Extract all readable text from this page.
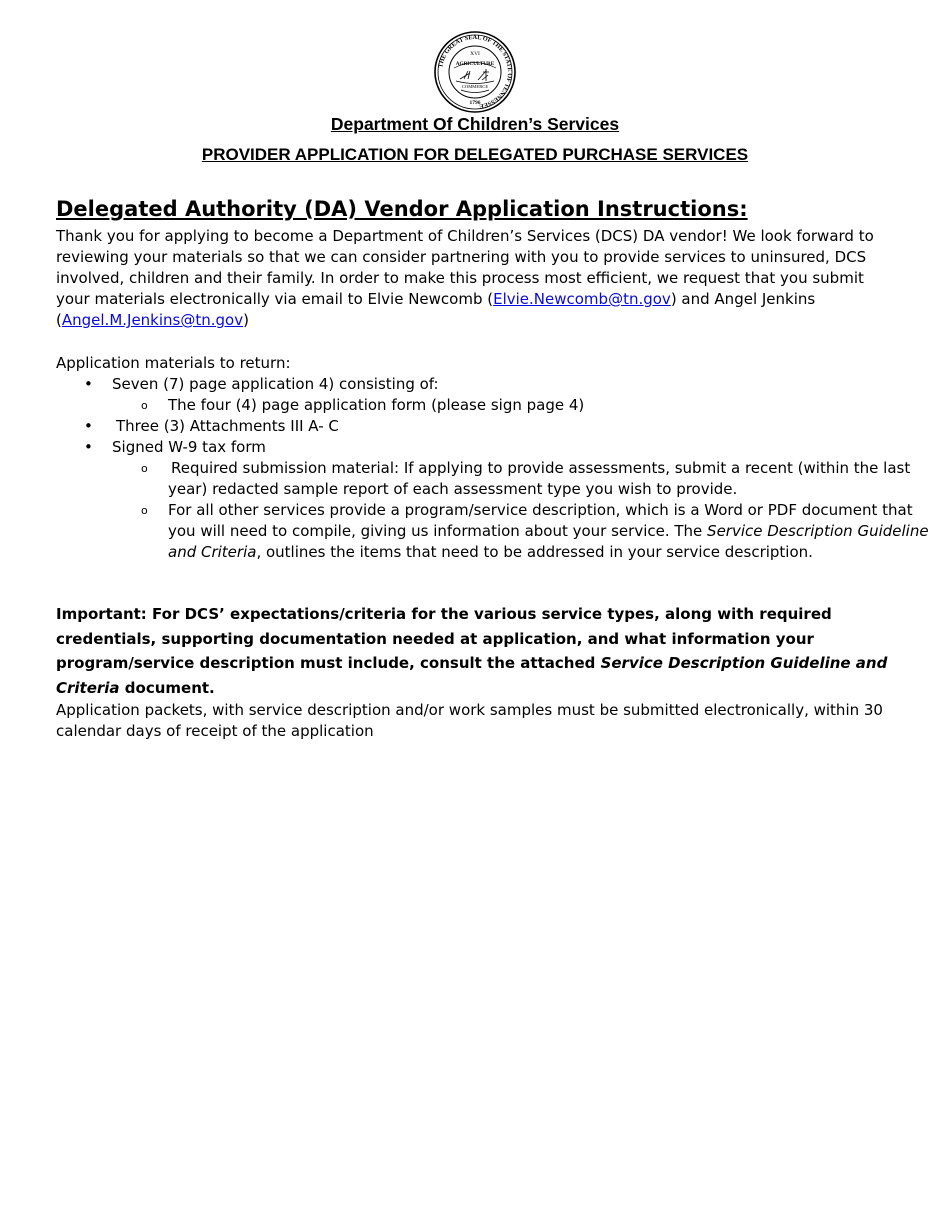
THE GREAT SEAL OF THE STATE OF TENNESSEE
XVI
AGRICULTURE
COMMERCE
1796
Department Of Children’s Services
PROVIDER APPLICATION FOR DELEGATED PURCHASE SERVICES
Delegated Authority (DA) Vendor Application Instructions:
Thank you for applying to become a Department of Children’s Services (DCS) DA vendor! We look forward to reviewing your materials so that we can consider partnering with you to provide services to uninsured, DCS involved, children and their family. In order to make this process most efficient, we request that you submit your materials electronically via email to Elvie Newcomb (Elvie.Newcomb@tn.gov) and Angel Jenkins (Angel.M.Jenkins@tn.gov)
Application materials to return:
• Seven (7) page application 4) consisting of:
o The four (4) page application form (please sign page 4)
• Three (3) Attachments III A- C
• Signed W-9 tax form
o Required submission material: If applying to provide assessments, submit a recent (within the last
year) redacted sample report of each assessment type you wish to provide.
o For all other services provide a program/service description, which is a Word or PDF document that
you will need to compile, giving us information about your service. The Service Description Guideline
and Criteria, outlines the items that need to be addressed in your service description.
Important: For DCS’ expectations/criteria for the various service types, along with required credentials, supporting documentation needed at application, and what information your program/service description must include, consult the attached Service Description Guideline and Criteria document.
Application packets, with service description and/or work samples must be submitted electronically, within 30 calendar days of receipt of the application
